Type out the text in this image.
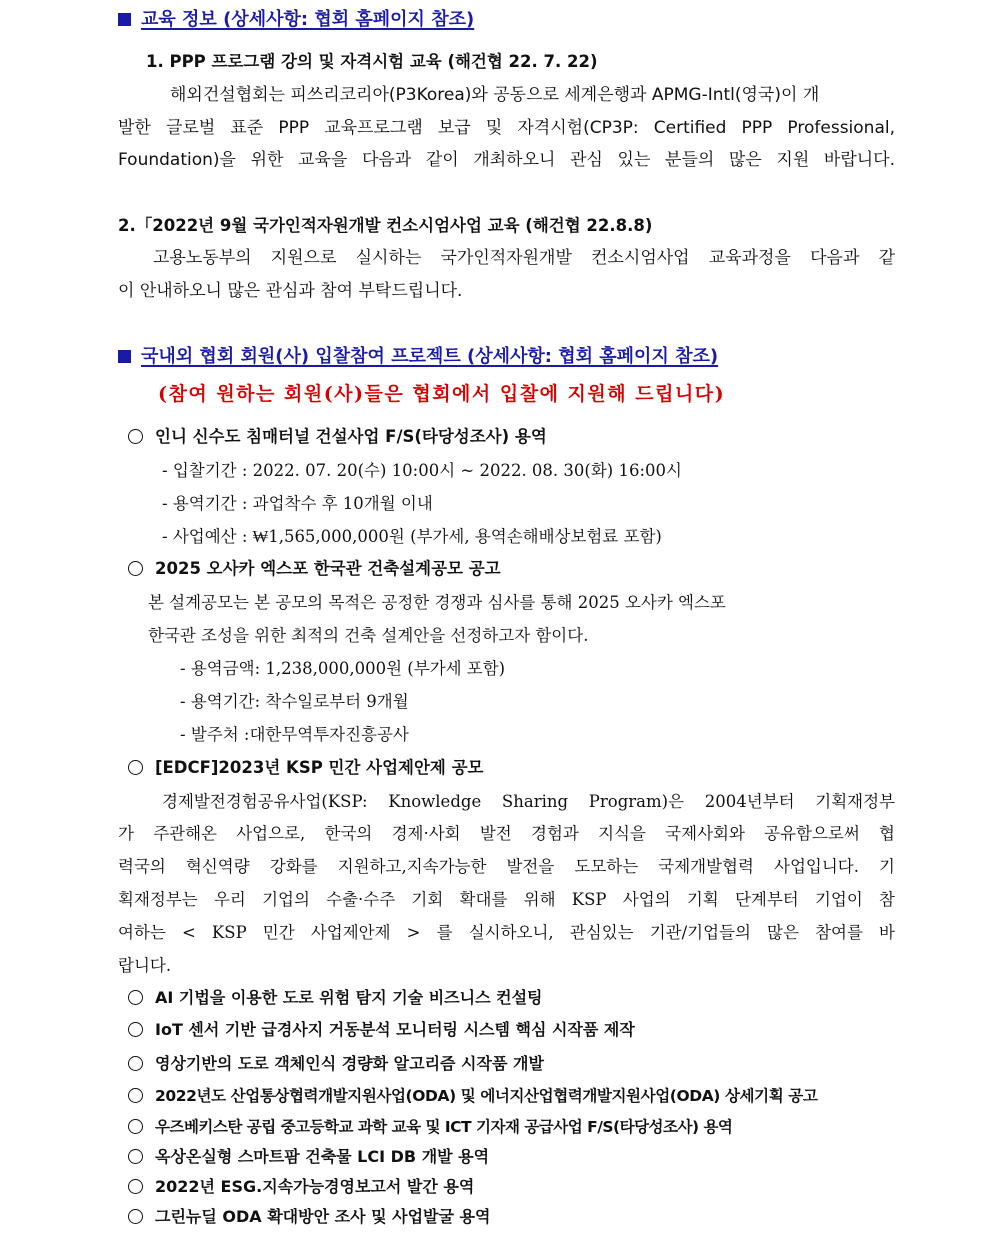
교육 정보 (상세사항: 협회 홈페이지 참조)
1. PPP 프로그램 강의 및 자격시험 교육 (해건협 22. 7. 22)
해외건설협회는 피쓰리코리아(P3Korea)와 공동으로 세계은행과 APMG-Intl(영국)이 개
발한 글로벌 표준 PPP 교육프로그램 보급 및 자격시험(CP3P: Certified PPP Professional,
Foundation)을 위한 교육을 다음과 같이 개최하오니 관심 있는 분들의 많은 지원 바랍니다.
2.「2022년 9월 국가인적자원개발 컨소시엄사업 교육 (해건협 22.8.8)
고용노동부의 지원으로 실시하는 국가인적자원개발 컨소시엄사업 교육과정을 다음과 같
이 안내하오니 많은 관심과 참여 부탁드립니다.
국내외 협회 회원(사) 입찰참여 프로젝트 (상세사항: 협회 홈페이지 참조)
(참여 원하는 회원(사)들은 협회에서 입찰에 지원해 드립니다)
인니 신수도 침매터널 건설사업 F/S(타당성조사) 용역
- 입찰기간 : 2022. 07. 20(수) 10:00시 ~ 2022. 08. 30(화) 16:00시
- 용역기간 : 과업착수 후 10개월 이내
- 사업예산 : ₩1,565,000,000원 (부가세, 용역손해배상보험료 포함)
2025 오사카 엑스포 한국관 건축설계공모 공고
본 설계공모는 본 공모의 목적은 공정한 경쟁과 심사를 통해 2025 오사카 엑스포
한국관 조성을 위한 최적의 건축 설계안을 선정하고자 함이다.
- 용역금액: 1,238,000,000원 (부가세 포함)
- 용역기간: 착수일로부터 9개월
- 발주처 :대한무역투자진흥공사
[EDCF]2023년 KSP 민간 사업제안제 공모
경제발전경험공유사업(KSP: Knowledge Sharing Program)은 2004년부터 기획재정부
가 주관해온 사업으로, 한국의 경제·사회 발전 경험과 지식을 국제사회와 공유함으로써 협
력국의 혁신역량 강화를 지원하고,지속가능한 발전을 도모하는 국제개발협력 사업입니다. 기
획재정부는 우리 기업의 수출·수주 기회 확대를 위해 KSP 사업의 기획 단계부터 기업이 참
여하는 < KSP 민간 사업제안제 > 를 실시하오니, 관심있는 기관/기업들의 많은 참여를 바
랍니다.
AI 기법을 이용한 도로 위험 탐지 기술 비즈니스 컨설팅
IoT 센서 기반 급경사지 거동분석 모니터링 시스템 핵심 시작품 제작
영상기반의 도로 객체인식 경량화 알고리즘 시작품 개발
2022년도 산업통상협력개발지원사업(ODA) 및 에너지산업협력개발지원사업(ODA) 상세기획 공고
우즈베키스탄 공립 중고등학교 과학 교육 및 ICT 기자재 공급사업 F/S(타당성조사) 용역
옥상온실형 스마트팜 건축물 LCI DB 개발 용역
2022년 ESG.지속가능경영보고서 발간 용역
그린뉴딜 ODA 확대방안 조사 및 사업발굴 용역
